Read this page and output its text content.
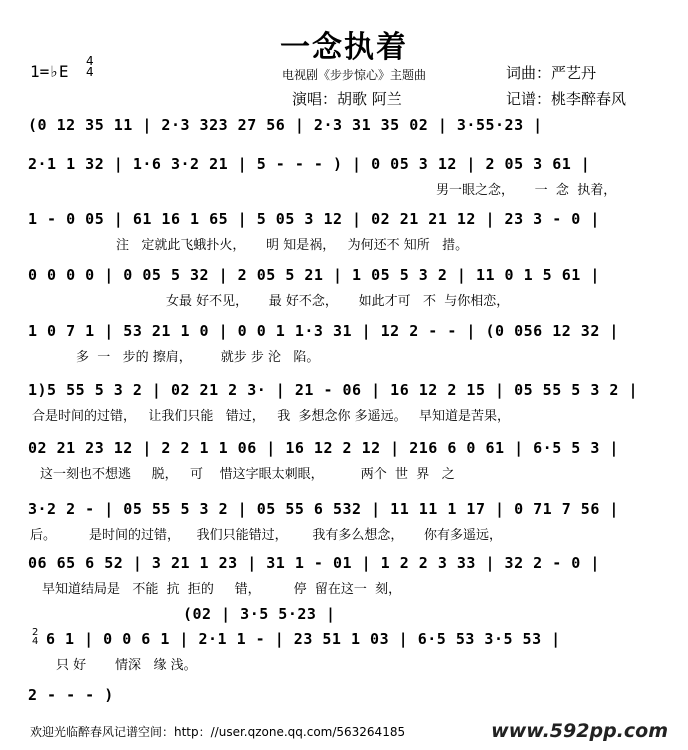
一念执着
1=♭E
4
4	电视剧《步步惊心》主题曲	词曲：严艺丹
演唱：胡歌 阿兰	记谱：桃李醉春风
(0 12 35 11 | 2·3 323 27 56 | 2·3 31 35 02 | 3·55·23 |
2·1 1 32 | 1·6 3·2 21 | 5 - - - ) | 0 05 3 12 | 2 05 3 61 |
男一眼之念，     一  念  执着，
1 - 0 05 | 61 16 1 65 | 5 05 3 12 | 02 21 21 12 | 23 3 - 0 |
注   定就此飞蛾扑火，     明 知是祸，   为何还不 知所   措。
0 0 0 0 | 0 05 5 32 | 2 05 5 21 | 1 05 5 3 2 | 11 0 1 5 61 |
女最 好不见，     最 好不念，     如此才可   不  与你相恋，
1 0 7 1 | 53 21 1 0 | 0 0 1 1·3 31 | 12 2 - - | (0 056 12 32 |
多  一   步的 擦肩，       就步 步 沦   陷。
1)5 55 5 3 2 | 02 21 2 3· | 21 - 06 | 16 12 2 15 | 05 55 5 3 2 |
合是时间的过错，   让我们只能   错过，   我  多想念你 多遥远。   早知道是苦果，
02 21 23 12 | 2 2 1 1 06 | 16 12 2 12 | 216 6 0 61 | 6·5 5 3 |
这一刻也不想逃     脱，   可    惜这字眼太刺眼，         两个  世  界   之
3·2 2 - | 05 55 5 3 2 | 05 55 6 532 | 11 11 1 17 | 0 71 7 56 |
后。        是时间的过错，    我们只能错过，      我有多么想念，     你有多遥远，
06 65 6 52 | 3 21 1 23 | 31 1 - 01 | 1 2 2 3 33 | 32 2 - 0 |
早知道结局是   不能  抗  拒的     错，        停  留在这一  刻，
(02 | 3·5 5·23 |
2
4 6 1 | 0 0 6 1 | 2·1 1 - | 23 51 1 03 | 6·5 53 3·5 53 |
只 好       情深   缘 浅。
2 - - - )
欢迎光临醉春风记谱空间：http：//user.qzone.qq.com/563264185	www.592pp.com
